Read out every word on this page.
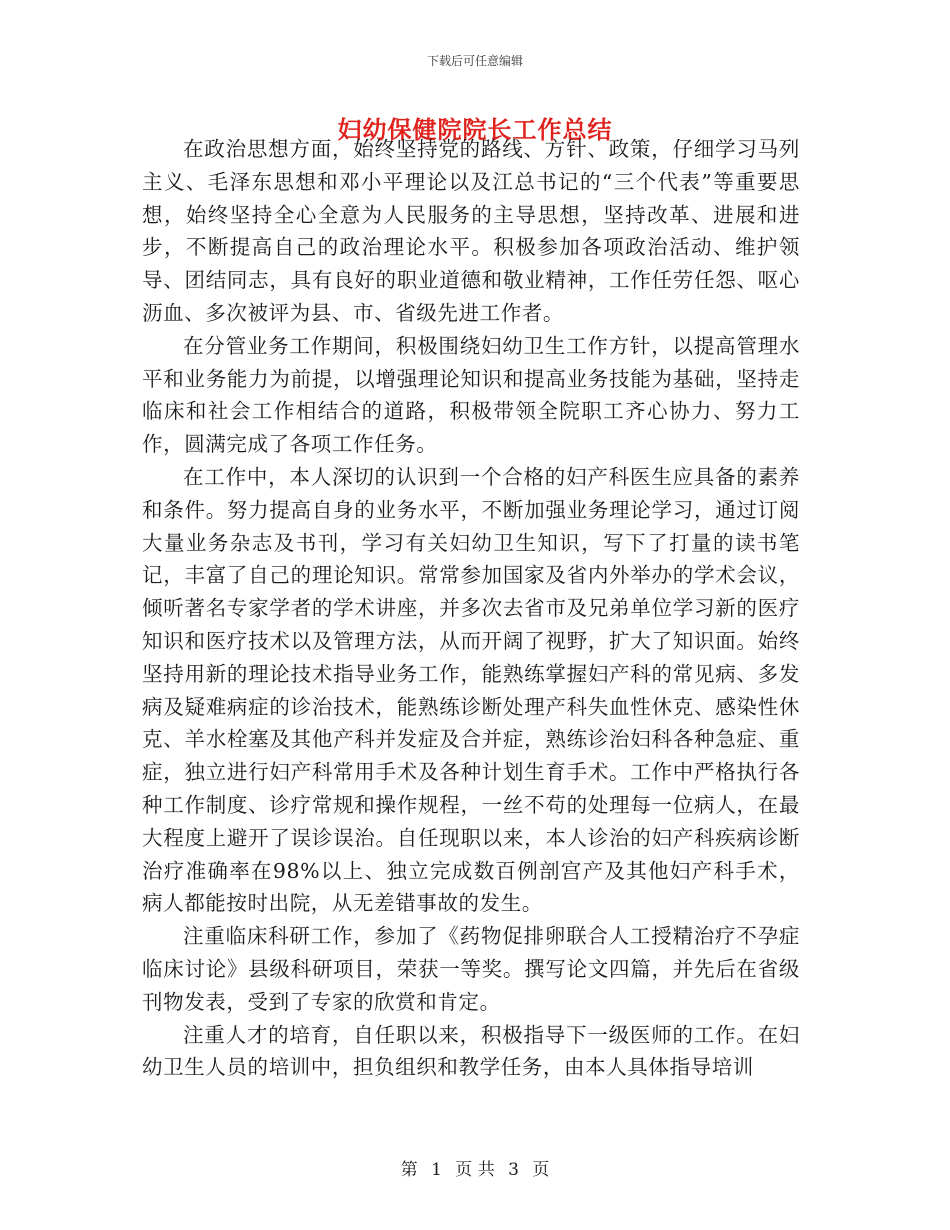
下载后可任意编辑
妇幼保健院院长工作总结

在政治思想方面，始终坚持党的路线、方针、政策，仔细学习马列主义、毛泽东思想和邓小平理论以及江总书记的“三个代表”等重要思想，始终坚持全心全意为人民服务的主导思想，坚持改革、进展和进步，不断提高自己的政治理论水平。积极参加各项政治活动、维护领导、团结同志，具有良好的职业道德和敬业精神，工作任劳任怨、呕心沥血、多次被评为县、市、省级先进工作者。

在分管业务工作期间，积极围绕妇幼卫生工作方针，以提高管理水平和业务能力为前提，以增强理论知识和提高业务技能为基础，坚持走临床和社会工作相结合的道路，积极带领全院职工齐心协力、努力工作，圆满完成了各项工作任务。

在工作中，本人深切的认识到一个合格的妇产科医生应具备的素养和条件。努力提高自身的业务水平，不断加强业务理论学习，通过订阅大量业务杂志及书刊，学习有关妇幼卫生知识，写下了打量的读书笔记，丰富了自己的理论知识。常常参加国家及省内外举办的学术会议，倾听著名专家学者的学术讲座，并多次去省市及兄弟单位学习新的医疗知识和医疗技术以及管理方法，从而开阔了视野，扩大了知识面。始终坚持用新的理论技术指导业务工作，能熟练掌握妇产科的常见病、多发病及疑难病症的诊治技术，能熟练诊断处理产科失血性休克、感染性休克、羊水栓塞及其他产科并发症及合并症，熟练诊治妇科各种急症、重症，独立进行妇产科常用手术及各种计划生育手术。工作中严格执行各种工作制度、诊疗常规和操作规程，一丝不苟的处理每一位病人，在最大程度上避开了误诊误治。自任现职以来，本人诊治的妇产科疾病诊断治疗准确率在98%以上、独立完成数百例剖宫产及其他妇产科手术，病人都能按时出院，从无差错事故的发生。

注重临床科研工作，参加了《药物促排卵联合人工授精治疗不孕症临床讨论》县级科研项目，荣获一等奖。撰写论文四篇，并先后在省级刊物发表，受到了专家的欣赏和肯定。

注重人才的培育，自任职以来，积极指导下一级医师的工作。在妇幼卫生人员的培训中，担负组织和教学任务，由本人具体指导培训

第 1 页 共 3 页
